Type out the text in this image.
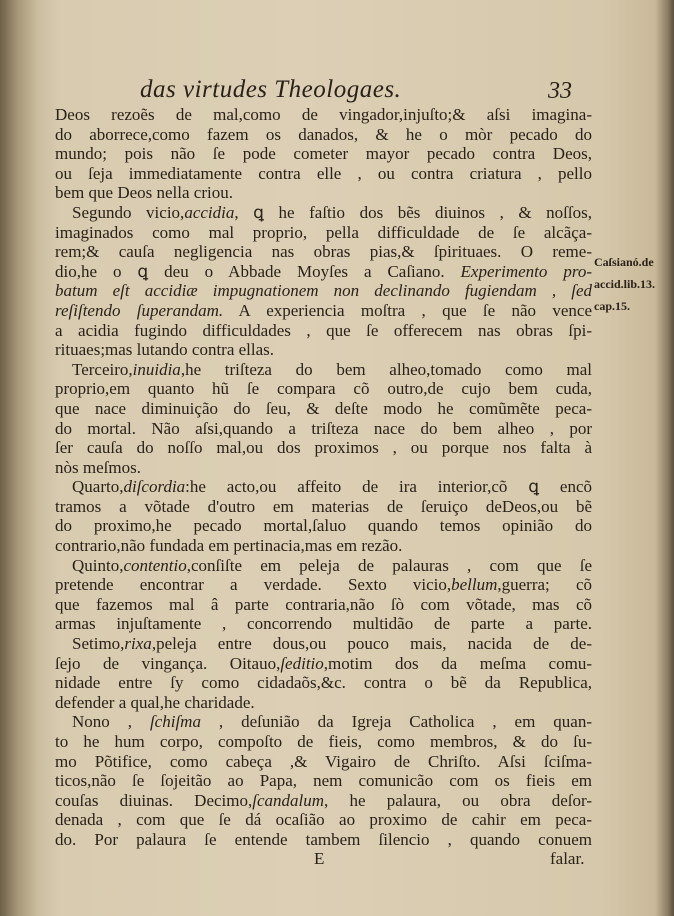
das virtudes Theologaes.	33
Deos rezoẽs de mal,como de vingador,injuſto;& aſsi imagina-
do aborrece,como fazem os danados, & he o mòr pecado do
mundo; pois não ſe pode cometer mayor pecado contra Deos,
ou ſeja immediatamente contra elle , ou contra criatura , pello
bem que Deos nella criou.
Segundo vicio,accidia, ꝗ he faſtio dos bẽs diuinos , & noſſos,
imaginados como mal proprio, pella difficuldade de ſe alcãça-
rem;& cauſa negligencia nas obras pias,& ſpirituaes. O reme-
dio,he o ꝗ deu o Abbade Moyſes a Caſiano. Experimento pro-
batum eſt accidiæ impugnationem non declinando fugiendam , ſed
reſiſtendo ſuperandam. A experiencia moſtra , que ſe não vence
a acidia fugindo difficuldades , que ſe offerecem nas obras ſpi-
rituaes;mas lutando contra ellas.
Terceiro,inuidia,he triſteza do bem alheo,tomado como mal
proprio,em quanto hũ ſe compara cõ outro,de cujo bem cuda,
que nace diminuição do ſeu, & deſte modo he comũmẽte peca-
do mortal. Não aſsi,quando a triſteza nace do bem alheo , por
ſer cauſa do noſſo mal,ou dos proximos , ou porque nos falta à
nòs meſmos.
Quarto,diſcordia:he acto,ou affeito de ira interior,cõ ꝗ encõ
tramos a võtade d'outro em materias de ſeruiço deDeos,ou bẽ
do proximo,he pecado mortal,ſaluo quando temos opinião do
contrario,não fundada em pertinacia,mas em rezão.
Quinto,contentio,conſiſte em peleja de palauras , com que ſe
pretende encontrar a verdade. Sexto vicio,bellum,guerra; cõ
que fazemos mal â parte contraria,não ſò com võtade, mas cõ
armas injuſtamente , concorrendo multidão de parte a parte.
Setimo,rixa,peleja entre dous,ou pouco mais, nacida de de-
ſejo de vingança. Oitauo,ſeditio,motim dos da meſma comu-
nidade entre ſy como cidadaõs,&c. contra o bẽ da Republica,
defender a qual,he charidade.
Nono , ſchiſma , deſunião da Igreja Catholica , em quan-
to he hum corpo, compoſto de fieis, como membros, & do ſu-
mo Põtifice, como cabeça ,& Vigairo de Chriſto. Aſsi ſciſma-
ticos,não ſe ſojeitão ao Papa, nem comunicão com os fieis em
couſas diuinas. Decimo,ſcandalum, he palaura, ou obra deſor-
denada , com que ſe dá ocaſião ao proximo de cahir em peca-
do. Por palaura ſe entende tambem ſilencio , quando conuem
Caſsianó.de
accid.lib.13.
cap.15.
E	falar.
